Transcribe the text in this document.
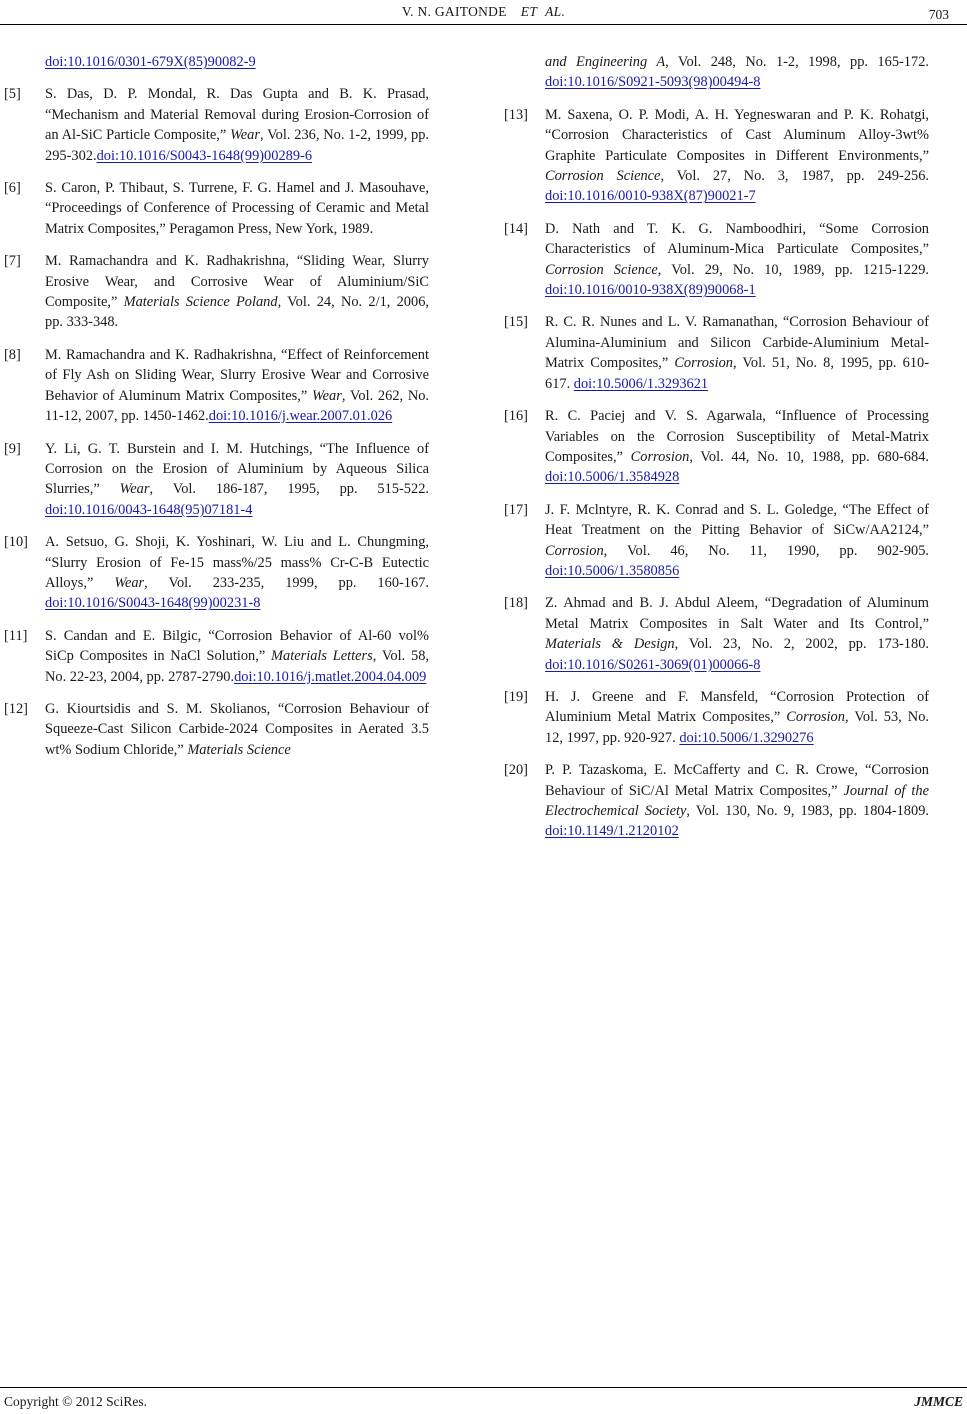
V. N. GAITONDE ET AL.	703
doi:10.1016/0301-679X(85)90082-9
[5] S. Das, D. P. Mondal, R. Das Gupta and B. K. Prasad, “Mechanism and Material Removal during Erosion-Corrosion of an Al-SiC Particle Composite,” Wear, Vol. 236, No. 1-2, 1999, pp. 295-302.doi:10.1016/S0043-1648(99)00289-6
[6] S. Caron, P. Thibaut, S. Turrene, F. G. Hamel and J. Masouhave, “Proceedings of Conference of Processing of Ceramic and Metal Matrix Composites,” Peragamon Press, New York, 1989.
[7] M. Ramachandra and K. Radhakrishna, “Sliding Wear, Slurry Erosive Wear, and Corrosive Wear of Aluminium/SiC Composite,” Materials Science Poland, Vol. 24, No. 2/1, 2006, pp. 333-348.
[8] M. Ramachandra and K. Radhakrishna, “Effect of Reinforcement of Fly Ash on Sliding Wear, Slurry Erosive Wear and Corrosive Behavior of Aluminum Matrix Composites,” Wear, Vol. 262, No. 11-12, 2007, pp. 1450-1462.doi:10.1016/j.wear.2007.01.026
[9] Y. Li, G. T. Burstein and I. M. Hutchings, “The Influence of Corrosion on the Erosion of Aluminium by Aqueous Silica Slurries,” Wear, Vol. 186-187, 1995, pp. 515-522.doi:10.1016/0043-1648(95)07181-4
[10] A. Setsuo, G. Shoji, K. Yoshinari, W. Liu and L. Chungming, “Slurry Erosion of Fe-15 mass%/25 mass% Cr-C-B Eutectic Alloys,” Wear, Vol. 233-235, 1999, pp. 160-167.doi:10.1016/S0043-1648(99)00231-8
[11] S. Candan and E. Bilgic, “Corrosion Behavior of Al-60 vol% SiCp Composites in NaCl Solution,” Materials Letters, Vol. 58, No. 22-23, 2004, pp. 2787-2790.doi:10.1016/j.matlet.2004.04.009
[12] G. Kiourtsidis and S. M. Skolianos, “Corrosion Behaviour of Squeeze-Cast Silicon Carbide-2024 Composites in Aerated 3.5 wt% Sodium Chloride,” Materials Science
and Engineering A, Vol. 248, No. 1-2, 1998, pp. 165-172.doi:10.1016/S0921-5093(98)00494-8
[13] M. Saxena, O. P. Modi, A. H. Yegneswaran and P. K. Rohatgi, “Corrosion Characteristics of Cast Aluminum Alloy-3wt% Graphite Particulate Composites in Different Environments,” Corrosion Science, Vol. 27, No. 3, 1987, pp. 249-256. doi:10.1016/0010-938X(87)90021-7
[14] D. Nath and T. K. G. Namboodhiri, “Some Corrosion Characteristics of Aluminum-Mica Particulate Composites,” Corrosion Science, Vol. 29, No. 10, 1989, pp. 1215-1229. doi:10.1016/0010-938X(89)90068-1
[15] R. C. R. Nunes and L. V. Ramanathan, “Corrosion Behaviour of Alumina-Aluminium and Silicon Carbide-Aluminium Metal-Matrix Composites,” Corrosion, Vol. 51, No. 8, 1995, pp. 610-617. doi:10.5006/1.3293621
[16] R. C. Paciej and V. S. Agarwala, “Influence of Processing Variables on the Corrosion Susceptibility of Metal-Matrix Composites,” Corrosion, Vol. 44, No. 10, 1988, pp. 680-684. doi:10.5006/1.3584928
[17] J. F. Mclntyre, R. K. Conrad and S. L. Goledge, “The Effect of Heat Treatment on the Pitting Behavior of SiCw/AA2124,” Corrosion, Vol. 46, No. 11, 1990, pp. 902-905.doi:10.5006/1.3580856
[18] Z. Ahmad and B. J. Abdul Aleem, “Degradation of Aluminum Metal Matrix Composites in Salt Water and Its Control,” Materials & Design, Vol. 23, No. 2, 2002, pp. 173-180. doi:10.1016/S0261-3069(01)00066-8
[19] H. J. Greene and F. Mansfeld, “Corrosion Protection of Aluminium Metal Matrix Composites,” Corrosion, Vol. 53, No. 12, 1997, pp. 920-927. doi:10.5006/1.3290276
[20] P. P. Tazaskoma, E. McCafferty and C. R. Crowe, “Corrosion Behaviour of SiC/Al Metal Matrix Composites,” Journal of the Electrochemical Society, Vol. 130, No. 9, 1983, pp. 1804-1809. doi:10.1149/1.2120102
Copyright © 2012 SciRes.	JMMCE
